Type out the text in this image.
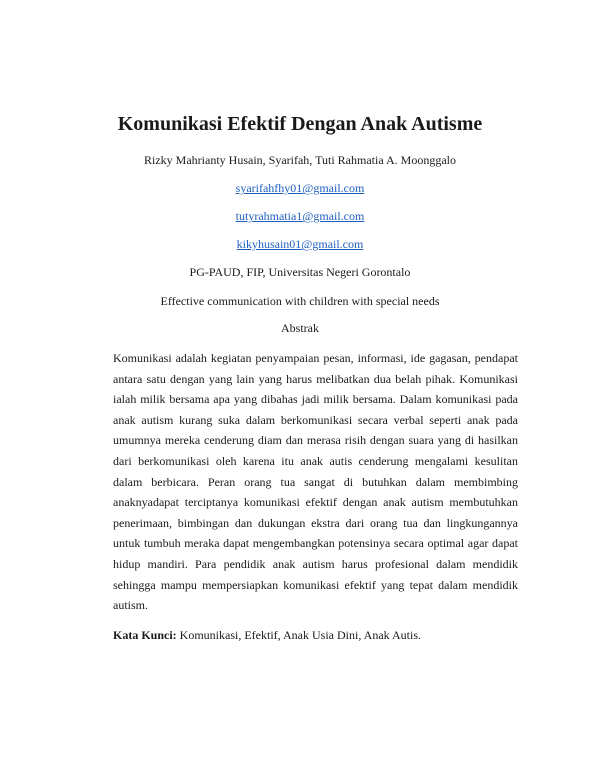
Komunikasi Efektif Dengan Anak Autisme
Rizky Mahrianty Husain, Syarifah, Tuti Rahmatia A. Moonggalo
syarifahfhy01@gmail.com
tutyrahmatia1@gmail.com
kikyhusain01@gmail.com
PG-PAUD, FIP, Universitas Negeri Gorontalo
Effective communication with children with special needs
Abstrak
Komunikasi adalah kegiatan penyampaian pesan, informasi, ide gagasan, pendapat antara satu dengan yang lain yang harus melibatkan dua belah pihak. Komunikasi ialah milik bersama apa yang dibahas jadi milik bersama. Dalam komunikasi pada anak autism kurang suka dalam berkomunikasi secara verbal seperti anak pada umumnya mereka cenderung diam dan merasa risih dengan suara yang di hasilkan dari berkomunikasi oleh karena itu anak autis cenderung mengalami kesulitan dalam berbicara. Peran orang tua sangat di butuhkan dalam membimbing anaknyadapat terciptanya komunikasi efektif dengan anak autism membutuhkan penerimaan, bimbingan dan dukungan ekstra dari orang tua dan lingkungannya untuk tumbuh meraka dapat mengembangkan potensinya secara optimal agar dapat hidup mandiri. Para pendidik anak autism harus profesional dalam mendidik sehingga mampu mempersiapkan komunikasi efektif yang tepat dalam mendidik autism.
Kata Kunci: Komunikasi, Efektif, Anak Usia Dini, Anak Autis.
